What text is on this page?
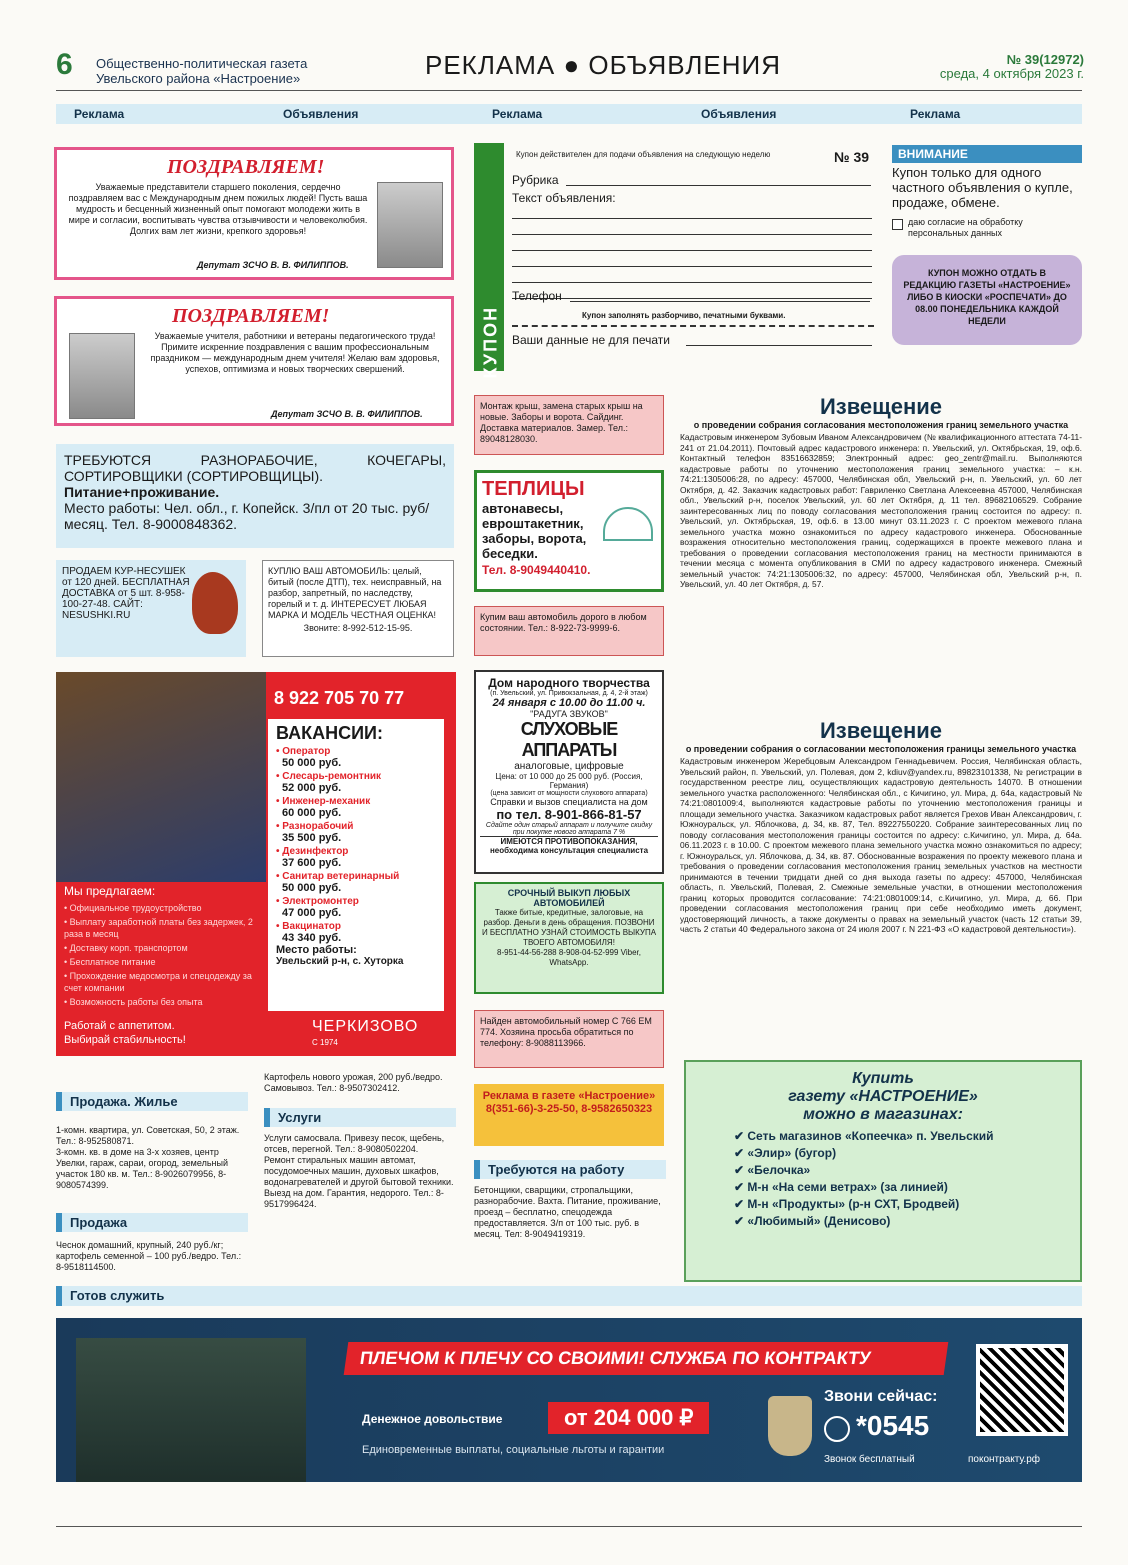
6 Общественно-политическая газета
Увельского района «Настроение»	РЕКЛАМА ● ОБЪЯВЛЕНИЯ	№ 39(12972)
среда, 4 октября 2023 г.
Реклама	Объявления	Реклама	Объявления	Реклама
ПОЗДРАВЛЯЕМ!
Уважаемые представители старшего поколения, сердечно поздравляем вас с Международным днем пожилых людей! Пусть ваша мудрость и бесценный жизненный опыт помогают молодежи жить в мире и согласии, воспитывать чувства отзывчивости и человеколюбия. Долгих вам лет жизни, крепкого здоровья!
Депутат ЗСЧО В. В. ФИЛИППОВ.
ПОЗДРАВЛЯЕМ!
Уважаемые учителя, работники и ветераны педагогического труда! Примите искренние поздравления с вашим профессиональным праздником — международным днем учителя! Желаю вам здоровья, успехов, оптимизма и новых творческих свершений.
Депутат ЗСЧО В. В. ФИЛИППОВ.
ТРЕБУЮТСЯ РАЗНОРАБОЧИЕ, КОЧЕГАРЫ, СОРТИРОВЩИКИ (СОРТИРОВЩИЦЫ).
Питание+проживание.
Место работы: Чел. обл., г. Копейск. 3/пл от 20 тыс. руб/месяц. Тел. 8-9000848362.
ПРОДАЕМ КУР-НЕСУШЕК от 120 дней. БЕСПЛАТНАЯ ДОСТАВКА от 5 шт. 8-958-100-27-48. САЙТ: NESUSHKI.RU
КУПЛЮ ВАШ АВТОМОБИЛЬ: целый, битый (после ДТП), тех. неисправный, на разбор, запретный, по наследству, горелый и т. д. ИНТЕРЕСУЕТ ЛЮБАЯ МАРКА И МОДЕЛЬ ЧЕСТНАЯ ОЦЕНКА!
Звоните: 8-992-512-15-95.
8 922 705 70 77
ВАКАНСИИ:
• Оператор
50 000 руб.
• Слесарь-ремонтник
52 000 руб.
• Инженер-механик
60 000 руб.
• Разнорабочий
35 500 руб.
• Дезинфектор
37 600 руб.
• Санитар ветеринарный
50 000 руб.
• Электромонтер
47 000 руб.
• Вакцинатор
43 340 руб.
Место работы:
Увельский р-н, с. Хуторка
Мы предлагаем:
• Официальное трудоустройство
• Выплату заработной платы без задержек, 2 раза в месяц
• Доставку корп. транспортом
• Бесплатное питание
• Прохождение медосмотра и спецодежду за счет компании
• Возможность работы без опыта
Работай с аппетитом.
Выбирай стабильность!
ЧЕРКИЗОВО
С 1974
Продажа. Жилье
1-комн. квартира, ул. Советская, 50, 2 этаж. Тел.: 8-952580871.
3-комн. кв. в доме на 3-х хозяев, центр Увелки, гараж, сараи, огород, земельный участок 180 кв. м. Тел.: 8-9026079956, 8-9080574399.
Продажа
Чеснок домашний, крупный, 240 руб./кг; картофель семенной – 100 руб./ведро. Тел.: 8-9518114500.
Картофель нового урожая, 200 руб./ведро. Самовывоз. Тел.: 8-9507302412.
Услуги
Услуги самосвала. Привезу песок, щебень, отсев, перегной. Тел.: 8-9080502204.
Ремонт стиральных машин автомат, посудомоечных машин, духовых шкафов, водонагревателей и другой бытовой техники. Выезд на дом. Гарантия, недорого. Тел.: 8-9517996424.
КУПОН
Купон действителен для подачи объявления на следующую неделю	№ 39
Рубрика
Текст объявления:
Телефон
Купон заполнять разборчиво, печатными буквами.
Ваши данные не для печати
ВНИМАНИЕ
Купон только для одного частного объявления о купле, продаже, обмене.
даю согласие на обработку персональных данных
КУПОН МОЖНО ОТДАТЬ В РЕДАКЦИЮ ГАЗЕТЫ «НАСТРОЕНИЕ» ЛИБО В КИОСКИ «РОСПЕЧАТИ» ДО 08.00 ПОНЕДЕЛЬНИКА КАЖДОЙ НЕДЕЛИ
Монтаж крыш, замена старых крыш на новые. Заборы и ворота. Сайдинг. Доставка материалов. Замер. Тел.: 89048128030.
ТЕПЛИЦЫ
автонавесы, евроштакетник, заборы, ворота, беседки.
Тел. 8-9049440410.
Купим ваш автомобиль дорого в любом состоянии. Тел.: 8-922-73-9999-6.
Дом народного творчества
(п. Увельский, ул. Привокзальная, д. 4, 2-й этаж)
24 января с 10.00 до 11.00 ч.
"РАДУГА ЗВУКОВ"
СЛУХОВЫЕ АППАРАТЫ
аналоговые, цифровые
Цена: от 10 000 до 25 000 руб. (Россия, Германия)
(цена зависит от мощности слухового аппарата)
Справки и вызов специалиста на дом
по тел. 8-901-866-81-57
Сдайте один старый аппарат и получите скидку при покупке нового аппарата 7 %
ИМЕЮТСЯ ПРОТИВОПОКАЗАНИЯ, необходима консультация специалиста
СРОЧНЫЙ ВЫКУП ЛЮБЫХ АВТОМОБИЛЕЙ
Также битые, кредитные, залоговые, на разбор. Деньги в день обращения. ПОЗВОНИ И БЕСПЛАТНО УЗНАЙ СТОИМОСТЬ ВЫКУПА ТВОЕГО АВТОМОБИЛЯ!
8-951-44-56-288 8-908-04-52-999 Viber, WhatsApp.
Найден автомобильный номер С 766 ЕМ 774. Хозяина просьба обратиться по телефону: 8-9088113966.
Реклама в газете «Настроение» 8(351-66)-3-25-50, 8-9582650323
Требуются на работу
Бетонщики, сварщики, стропальщики, разнорабочие. Вахта. Питание, проживание, проезд – бесплатно, спецодежда предоставляется. З/п от 100 тыс. руб. в месяц. Тел: 8-9049419319.
Извещение
о проведении собрания согласования местоположения границ земельного участка
Кадастровым инженером Зубовым Иваном Александровичем (№ квалификационного аттестата 74-11-241 от 21.04.2011). Почтовый адрес кадастрового инженера: п. Увельский, ул. Октябрьская, 19, оф.6. Контактный телефон 83516632859; Электронный адрес: geo_zentr@mail.ru. Выполняются кадастровые работы по уточнению местоположения границ земельного участка: – к.н. 74:21:1305006:28, по адресу: 457000, Челябинская обл, Увельский р-н, п. Увельский, ул. 60 лет Октября, д. 42. Заказчик кадастровых работ: Гавриленко Светлана Алексеевна 457000, Челябинская обл., Увельский р-н, поселок Увельский, ул. 60 лет Октября, д. 11 тел. 89682106529. Собрание заинтересованных лиц по поводу согласования местоположения границ состоится по адресу: п. Увельский, ул. Октябрьская, 19, оф.6. в 13.00 минут 03.11.2023 г. С проектом межевого плана земельного участка можно ознакомиться по адресу кадастрового инженера. Обоснованные возражения относительно местоположения границ, содержащихся в проекте межевого плана и требования о проведении согласования местоположения границ на местности принимаются в течении месяца с момента опубликования в СМИ по адресу кадастрового инженера. Смежный земельный участок: 74:21:1305006:32, по адресу: 457000, Челябинская обл, Увельский р-н, п. Увельский, ул. 40 лет Октября, д. 57.
Извещение
о проведении собрания о согласовании местоположения границы земельного участка
Кадастровым инженером Жеребцовым Александром Геннадьевичем. Россия, Челябинская область, Увельский район, п. Увельский, ул. Полевая, дом 2, kdiuv@yandex.ru, 89823101338, № регистрации в государственном реестре лиц, осуществляющих кадастровую деятельность 14070. В отношении земельного участка расположенного: Челябинская обл., с Кичигино, ул. Мира, д. 64а, кадастровый № 74:21:0801009:4, выполняются кадастровые работы по уточнению местоположения границы и площади земельного участка. Заказчиком кадастровых работ является Грехов Иван Александрович, г. Южноуральск, ул. Яблочкова, д. 34, кв. 87, Тел. 89227550220. Собрание заинтересованных лиц по поводу согласования местоположения границы состоится по адресу: с.Кичигино, ул. Мира, д. 64а. 06.11.2023 г. в 10.00. С проектом межевого плана земельного участка можно ознакомиться по адресу; г. Южноуральск, ул. Яблочкова, д. 34, кв. 87. Обоснованные возражения по проекту межевого плана и требования о проведении согласования местоположения границ земельных участков на местности принимаются в течении тридцати дней со дня выхода газеты по адресу: 457000, Челябинская область, п. Увельский, Полевая, 2. Смежные земельные участки, в отношении местоположения границ которых проводится согласование: 74:21:0801009:14, с.Кичигино, ул. Мира, д. 66. При проведении согласования местоположения границ при себе необходимо иметь документ, удостоверяющий личность, а также документы о правах на земельный участок (часть 12 статьи 39, часть 2 статьи 40 Федерального закона от 24 июля 2007 г. N 221-ФЗ «О кадастровой деятельности»).
Купить
газету «НАСТРОЕНИЕ»
можно в магазинах:
✔ Сеть магазинов «Копеечка» п. Увельский
✔ «Элир» (бугор)
✔ «Белочка»
✔ М-н «На семи ветрах» (за линией)
✔ М-н «Продукты» (р-н СХТ, Бродвей)
✔ «Любимый» (Денисово)
Готов служить
ПЛЕЧОМ К ПЛЕЧУ СО СВОИМИ! СЛУЖБА ПО КОНТРАКТУ
Денежное довольствие	от 204 000 ₽
Единовременные выплаты, социальные льготы и гарантии
Звони сейчас:
*0545
Звонок бесплатный	поконтракту.рф
